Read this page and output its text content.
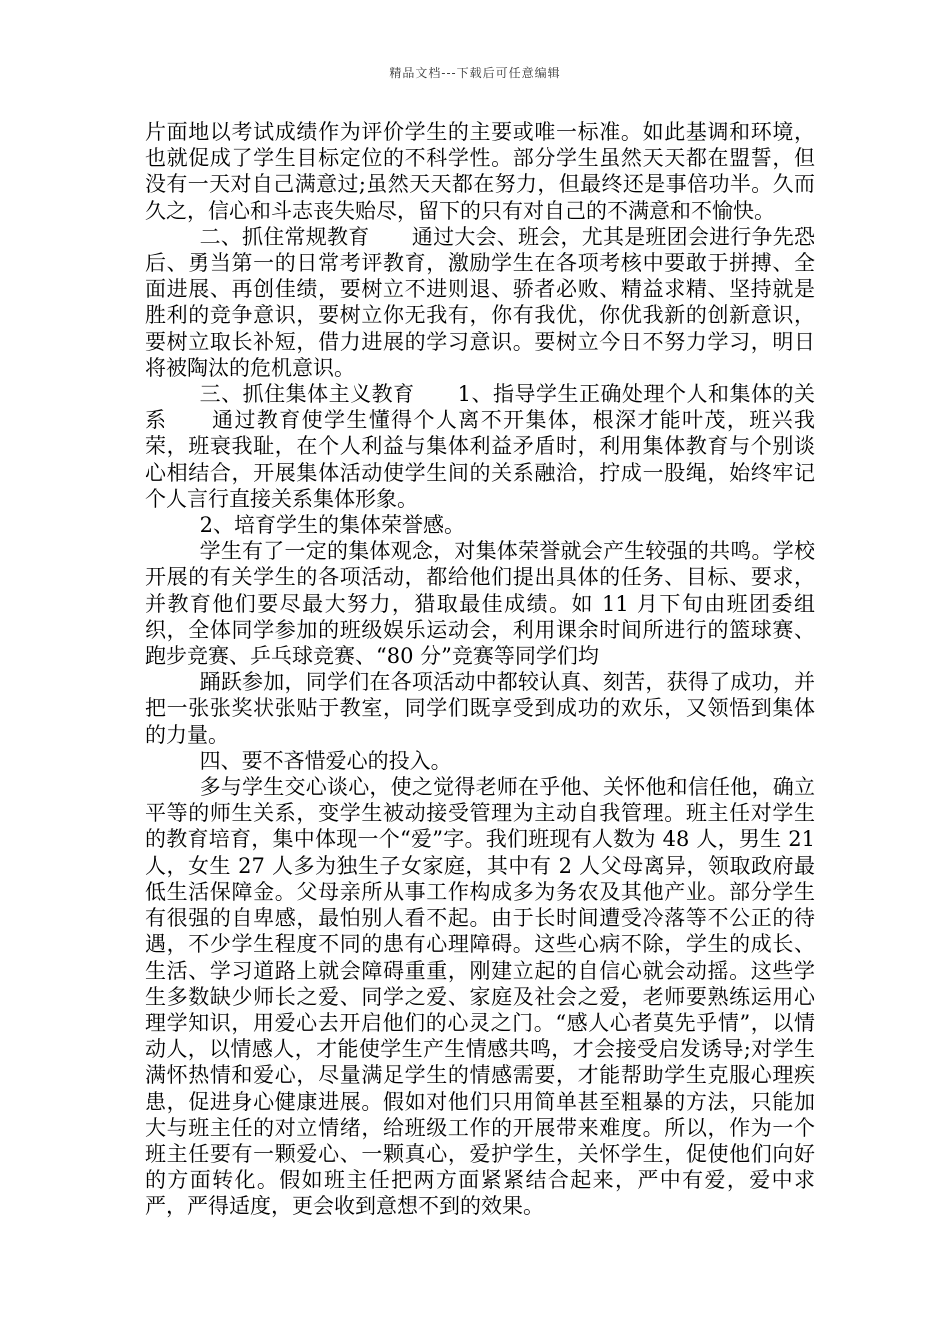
精品文档---下载后可任意编辑

片面地以考试成绩作为评价学生的主要或唯一标准。如此基调和环境，也就促成了学生目标定位的不科学性。部分学生虽然天天都在盟誓，但没有一天对自己满意过;虽然天天都在努力，但最终还是事倍功半。久而久之，信心和斗志丧失贻尽，留下的只有对自己的不满意和不愉快。

二、抓住常规教育　　通过大会、班会，尤其是班团会进行争先恐后、勇当第一的日常考评教育，激励学生在各项考核中要敢于拼搏、全面进展、再创佳绩，要树立不进则退、骄者必败、精益求精、坚持就是胜利的竞争意识，要树立你无我有，你有我优，你优我新的创新意识，要树立取长补短，借力进展的学习意识。要树立今日不努力学习，明日将被陶汰的危机意识。

三、抓住集体主义教育　　1、指导学生正确处理个人和集体的关系　　通过教育使学生懂得个人离不开集体，根深才能叶茂，班兴我荣，班衰我耻，在个人利益与集体利益矛盾时，利用集体教育与个别谈心相结合，开展集体活动使学生间的关系融洽，拧成一股绳，始终牢记个人言行直接关系集体形象。

2、培育学生的集体荣誉感。

学生有了一定的集体观念，对集体荣誉就会产生较强的共鸣。学校开展的有关学生的各项活动，都给他们提出具体的任务、目标、要求，并教育他们要尽最大努力，猎取最佳成绩。如 11 月下旬由班团委组织，全体同学参加的班级娱乐运动会，利用课余时间所进行的篮球赛、跑步竞赛、乒乓球竞赛、“80 分”竞赛等同学们均

踊跃参加，同学们在各项活动中都较认真、刻苦，获得了成功，并把一张张奖状张贴于教室，同学们既享受到成功的欢乐，又领悟到集体的力量。

四、要不吝惜爱心的投入。

多与学生交心谈心，使之觉得老师在乎他、关怀他和信任他，确立平等的师生关系，变学生被动接受管理为主动自我管理。班主任对学生的教育培育，集中体现一个“爱”字。我们班现有人数为 48 人，男生 21 人，女生 27 人多为独生子女家庭，其中有 2 人父母离异，领取政府最低生活保障金。父母亲所从事工作构成多为务农及其他产业。部分学生有很强的自卑感，最怕别人看不起。由于长时间遭受冷落等不公正的待遇，不少学生程度不同的患有心理障碍。这些心病不除，学生的成长、生活、学习道路上就会障碍重重，刚建立起的自信心就会动摇。这些学生多数缺少师长之爱、同学之爱、家庭及社会之爱，老师要熟练运用心理学知识，用爱心去开启他们的心灵之门。“感人心者莫先乎情”，以情动人，以情感人，才能使学生产生情感共鸣，才会接受启发诱导;对学生满怀热情和爱心，尽量满足学生的情感需要，才能帮助学生克服心理疾患，促进身心健康进展。假如对他们只用简单甚至粗暴的方法，只能加大与班主任的对立情绪，给班级工作的开展带来难度。所以，作为一个班主任要有一颗爱心、一颗真心，爱护学生，关怀学生，促使他们向好的方面转化。假如班主任把两方面紧紧结合起来，严中有爱，爱中求严，严得适度，更会收到意想不到的效果。
